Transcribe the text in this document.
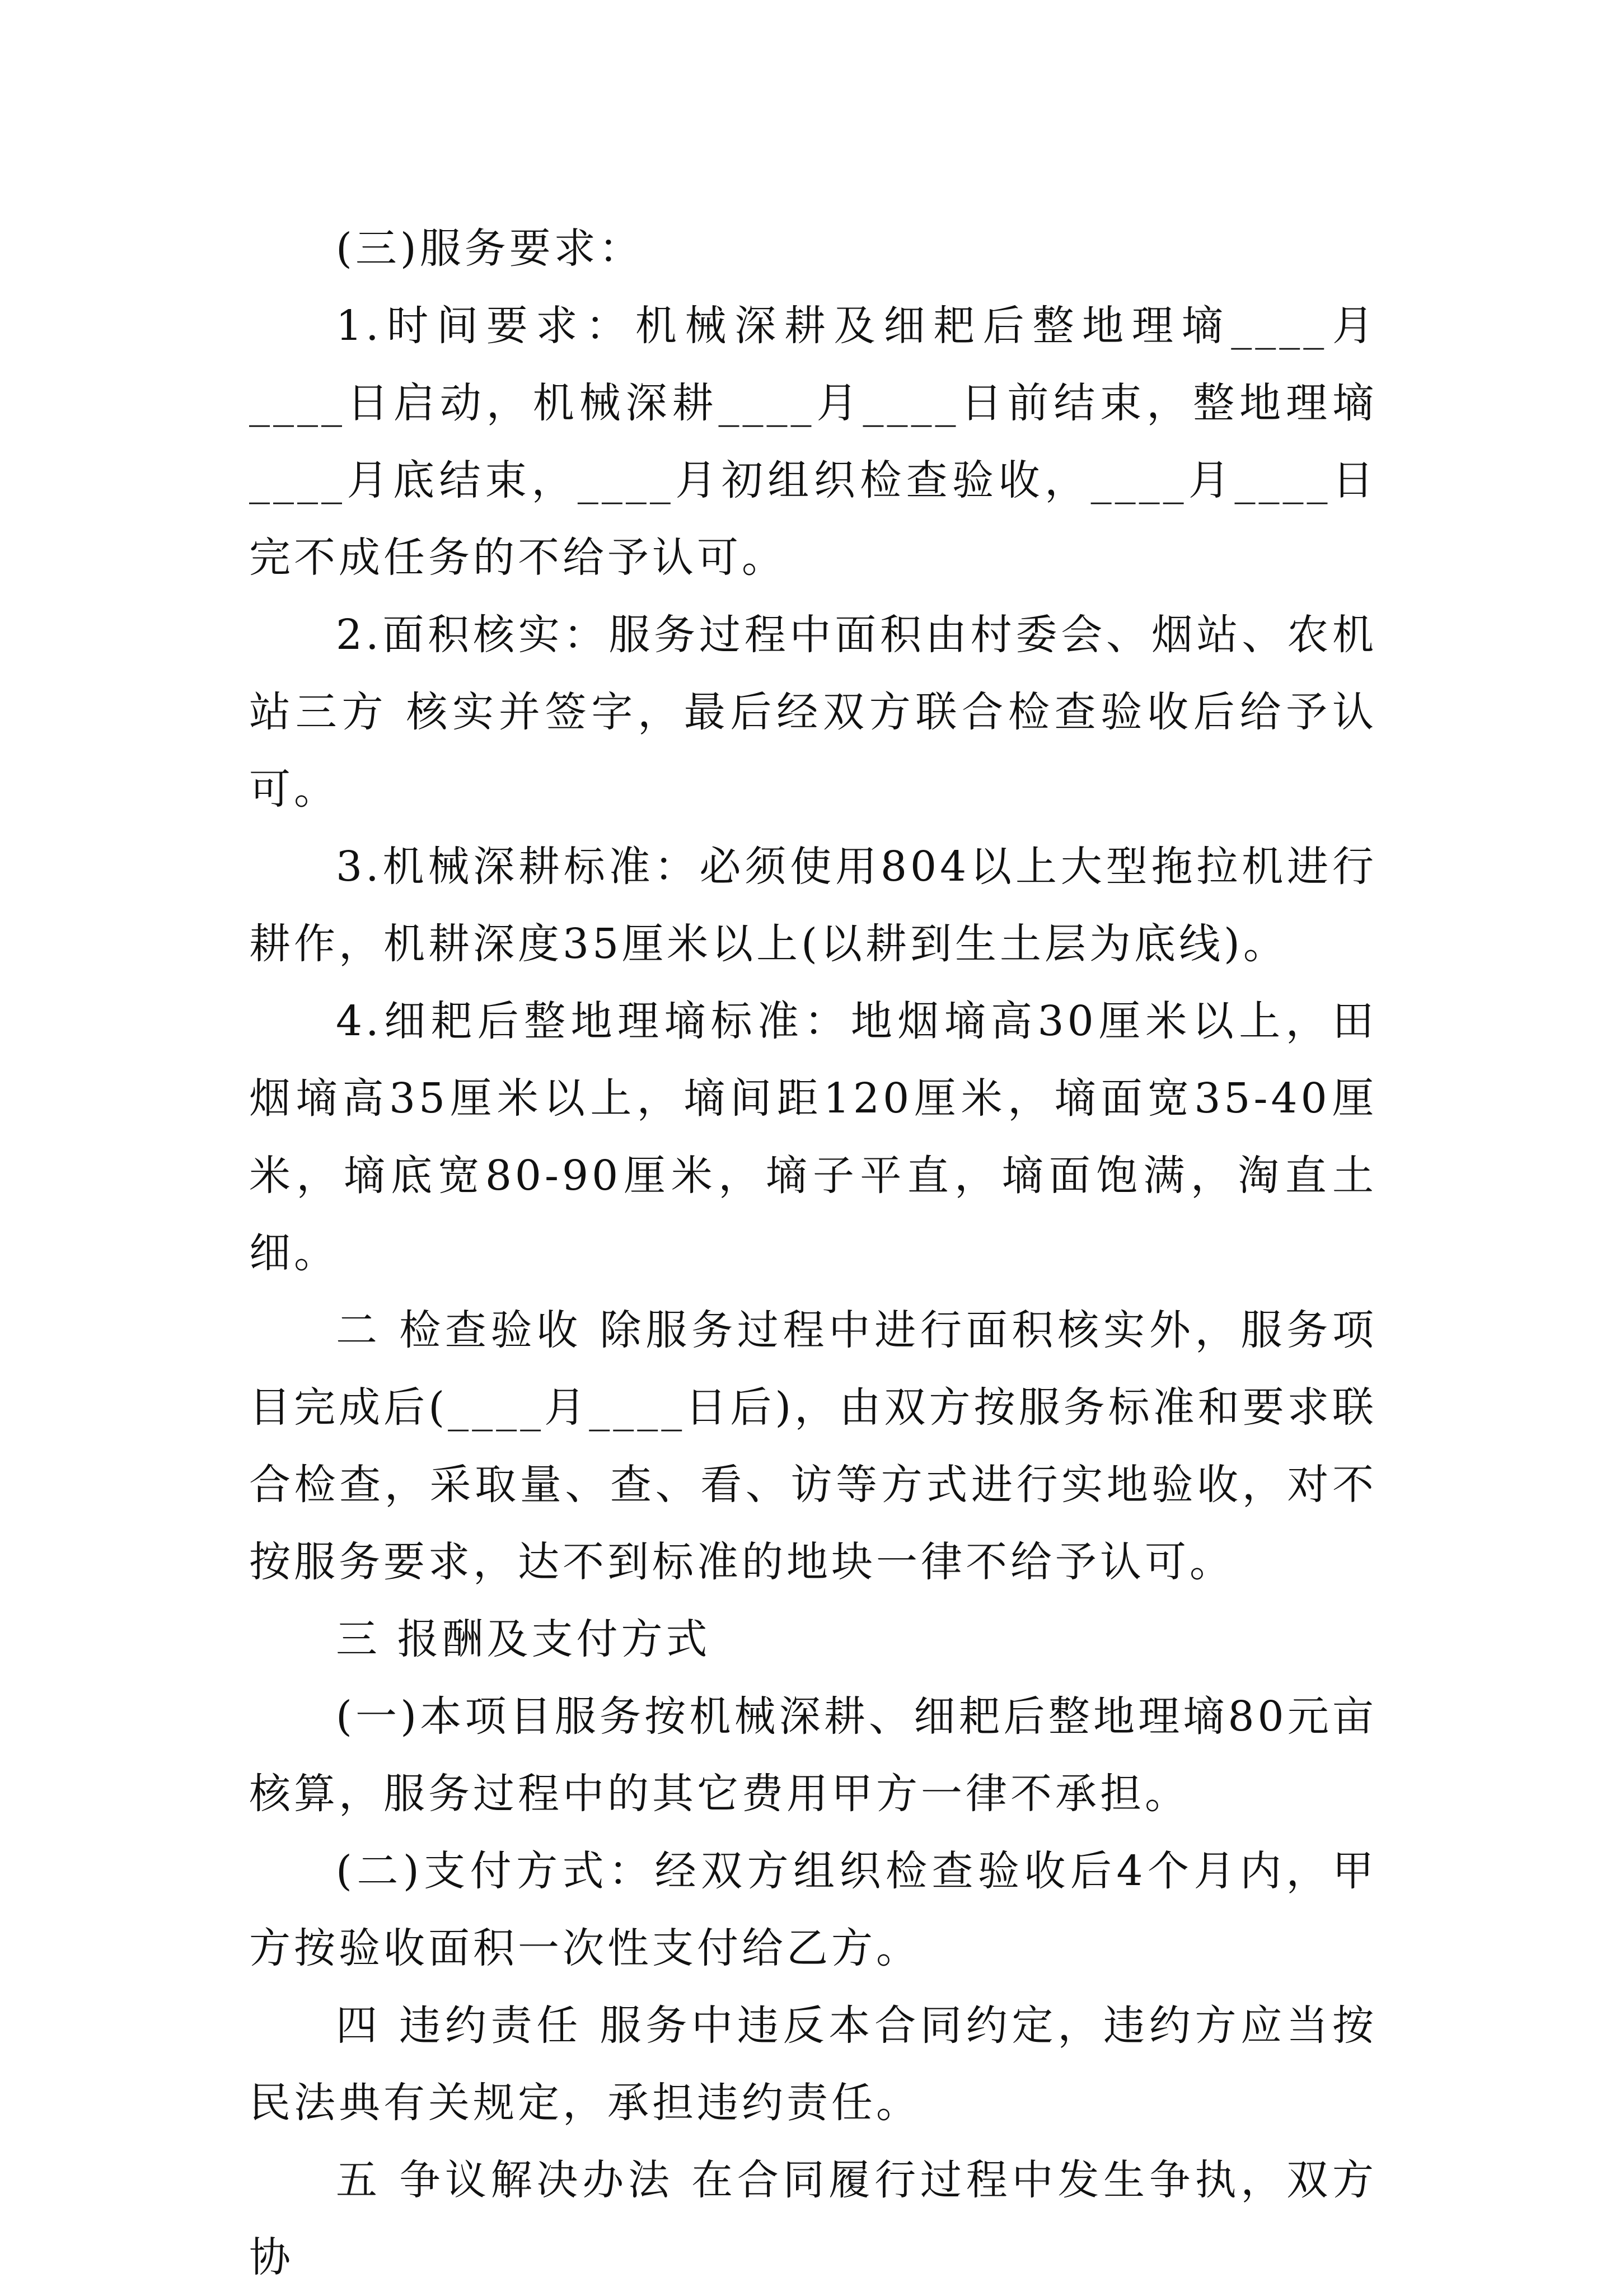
(三)服务要求：

1.时间要求：机械深耕及细耙后整地理墒____月____日启动，机械深耕____月____日前结束，整地理墒____月底结束，____月初组织检查验收，____月____日完不成任务的不给予认可。

2.面积核实：服务过程中面积由村委会、烟站、农机站三方 核实并签字，最后经双方联合检查验收后给予认可。

3.机械深耕标准：必须使用804以上大型拖拉机进行耕作，机耕深度35厘米以上(以耕到生土层为底线)。

4.细耙后整地理墒标准：地烟墒高30厘米以上，田烟墒高35厘米以上，墒间距120厘米，墒面宽35-40厘米，墒底宽80-90厘米，墒子平直，墒面饱满，淘直土细。

二 检查验收 除服务过程中进行面积核实外，服务项目完成后(____月____日后)，由双方按服务标准和要求联合检查，采取量、查、看、访等方式进行实地验收，对不按服务要求，达不到标准的地块一律不给予认可。

三 报酬及支付方式

(一)本项目服务按机械深耕、细耙后整地理墒80元亩核算，服务过程中的其它费用甲方一律不承担。

(二)支付方式：经双方组织检查验收后4个月内，甲方按验收面积一次性支付给乙方。

四 违约责任 服务中违反本合同约定，违约方应当按民法典有关规定，承担违约责任。

五 争议解决办法 在合同履行过程中发生争执，双方协
